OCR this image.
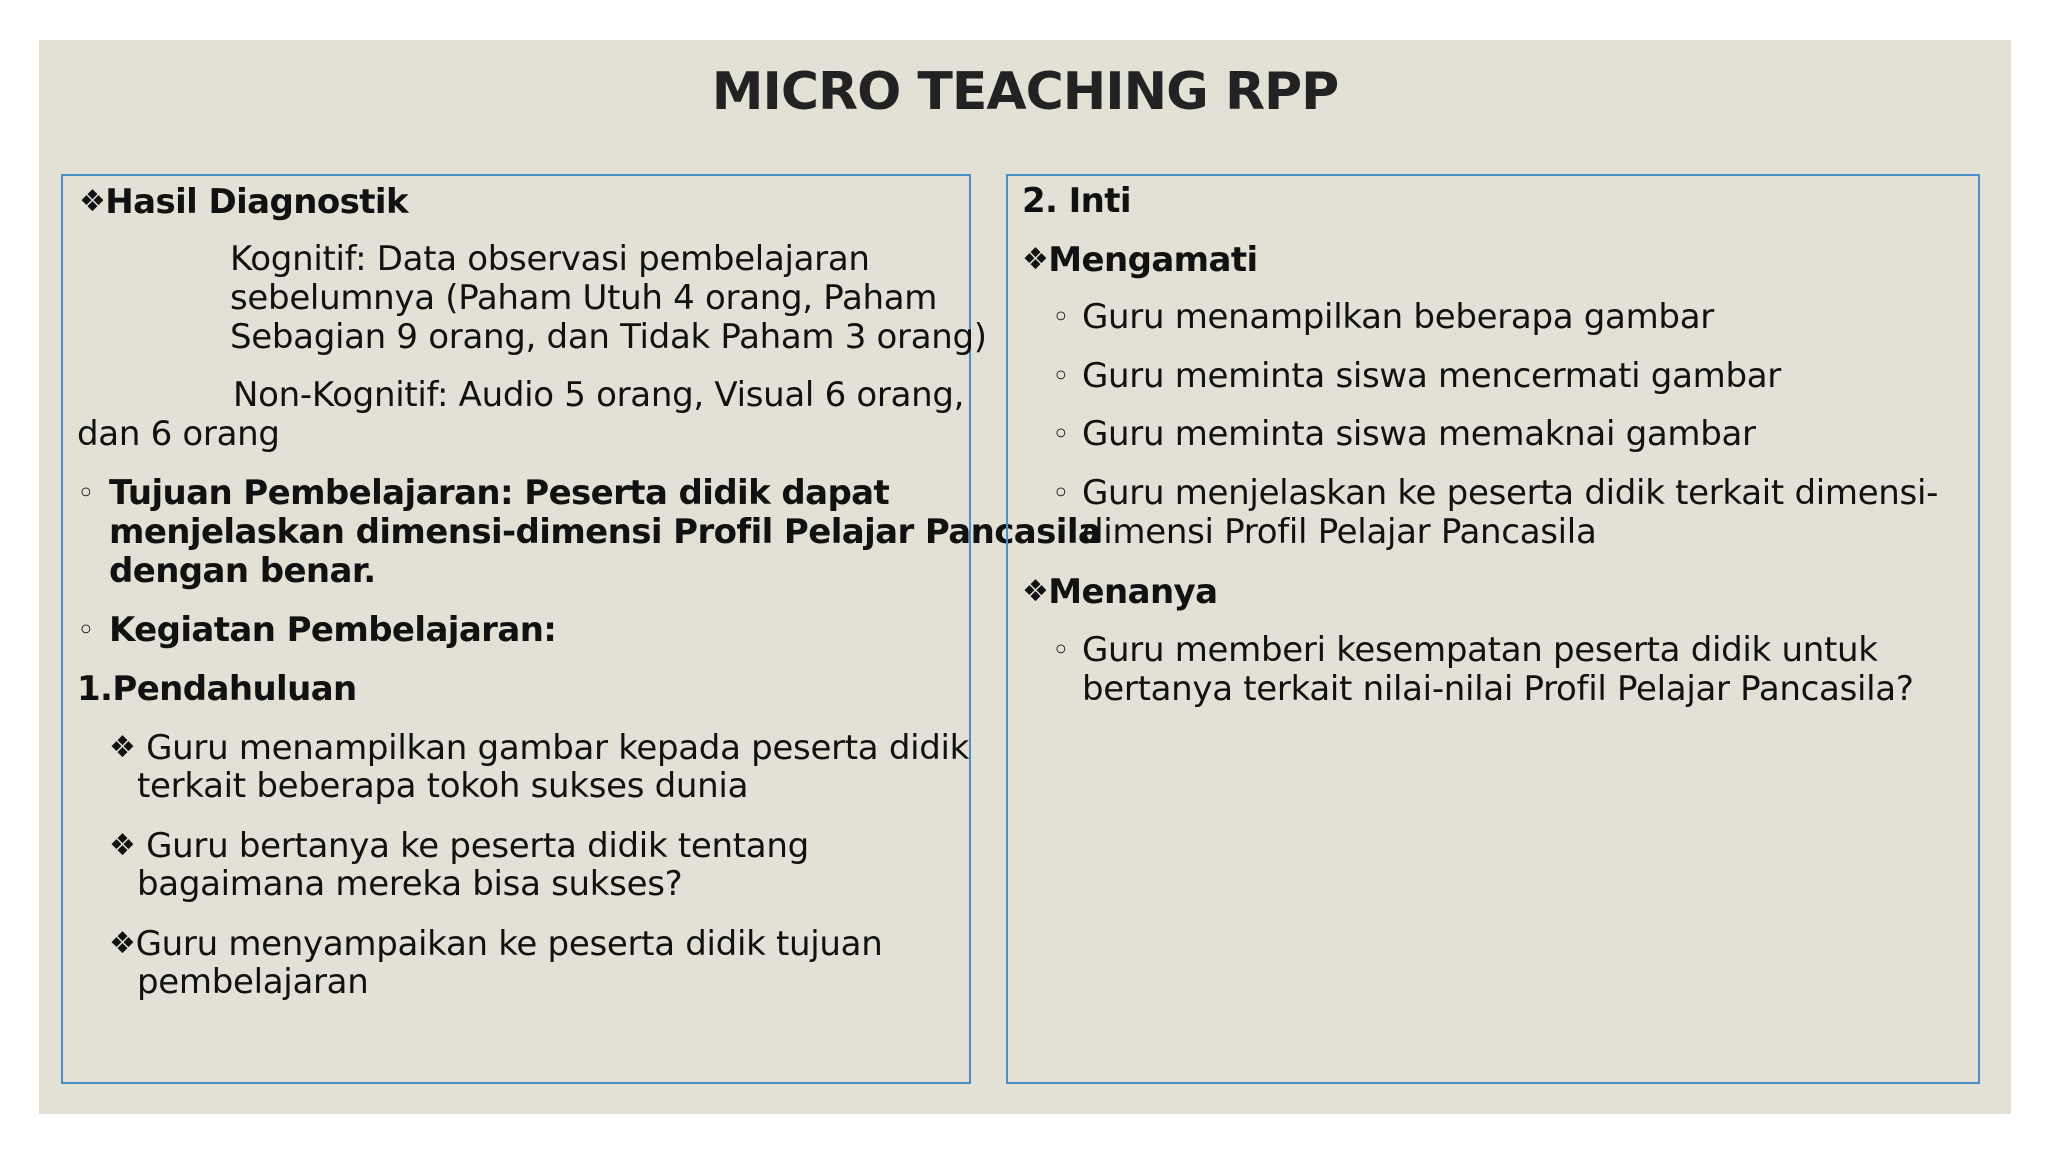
MICRO TEACHING RPP
❖Hasil Diagnostik
Kognitif: Data observasi pembelajaran
sebelumnya (Paham Utuh 4 orang, Paham
Sebagian 9 orang, dan Tidak Paham 3 orang)
Non-Kognitif: Audio 5 orang, Visual 6 orang,
dan 6 orang
◦ Tujuan Pembelajaran: Peserta didik dapat
menjelaskan dimensi-dimensi Profil Pelajar Pancasila
dengan benar.
◦ Kegiatan Pembelajaran:
1.Pendahuluan
❖ Guru menampilkan gambar kepada peserta didik
terkait beberapa tokoh sukses dunia
❖ Guru bertanya ke peserta didik tentang
bagaimana mereka bisa sukses?
❖Guru menyampaikan ke peserta didik tujuan
pembelajaran
2. Inti
❖Mengamati
◦ Guru menampilkan beberapa gambar
◦ Guru meminta siswa mencermati gambar
◦ Guru meminta siswa memaknai gambar
◦ Guru menjelaskan ke peserta didik terkait dimensi-
dimensi Profil Pelajar Pancasila
❖Menanya
◦ Guru memberi kesempatan peserta didik untuk
bertanya terkait nilai-nilai Profil Pelajar Pancasila?
